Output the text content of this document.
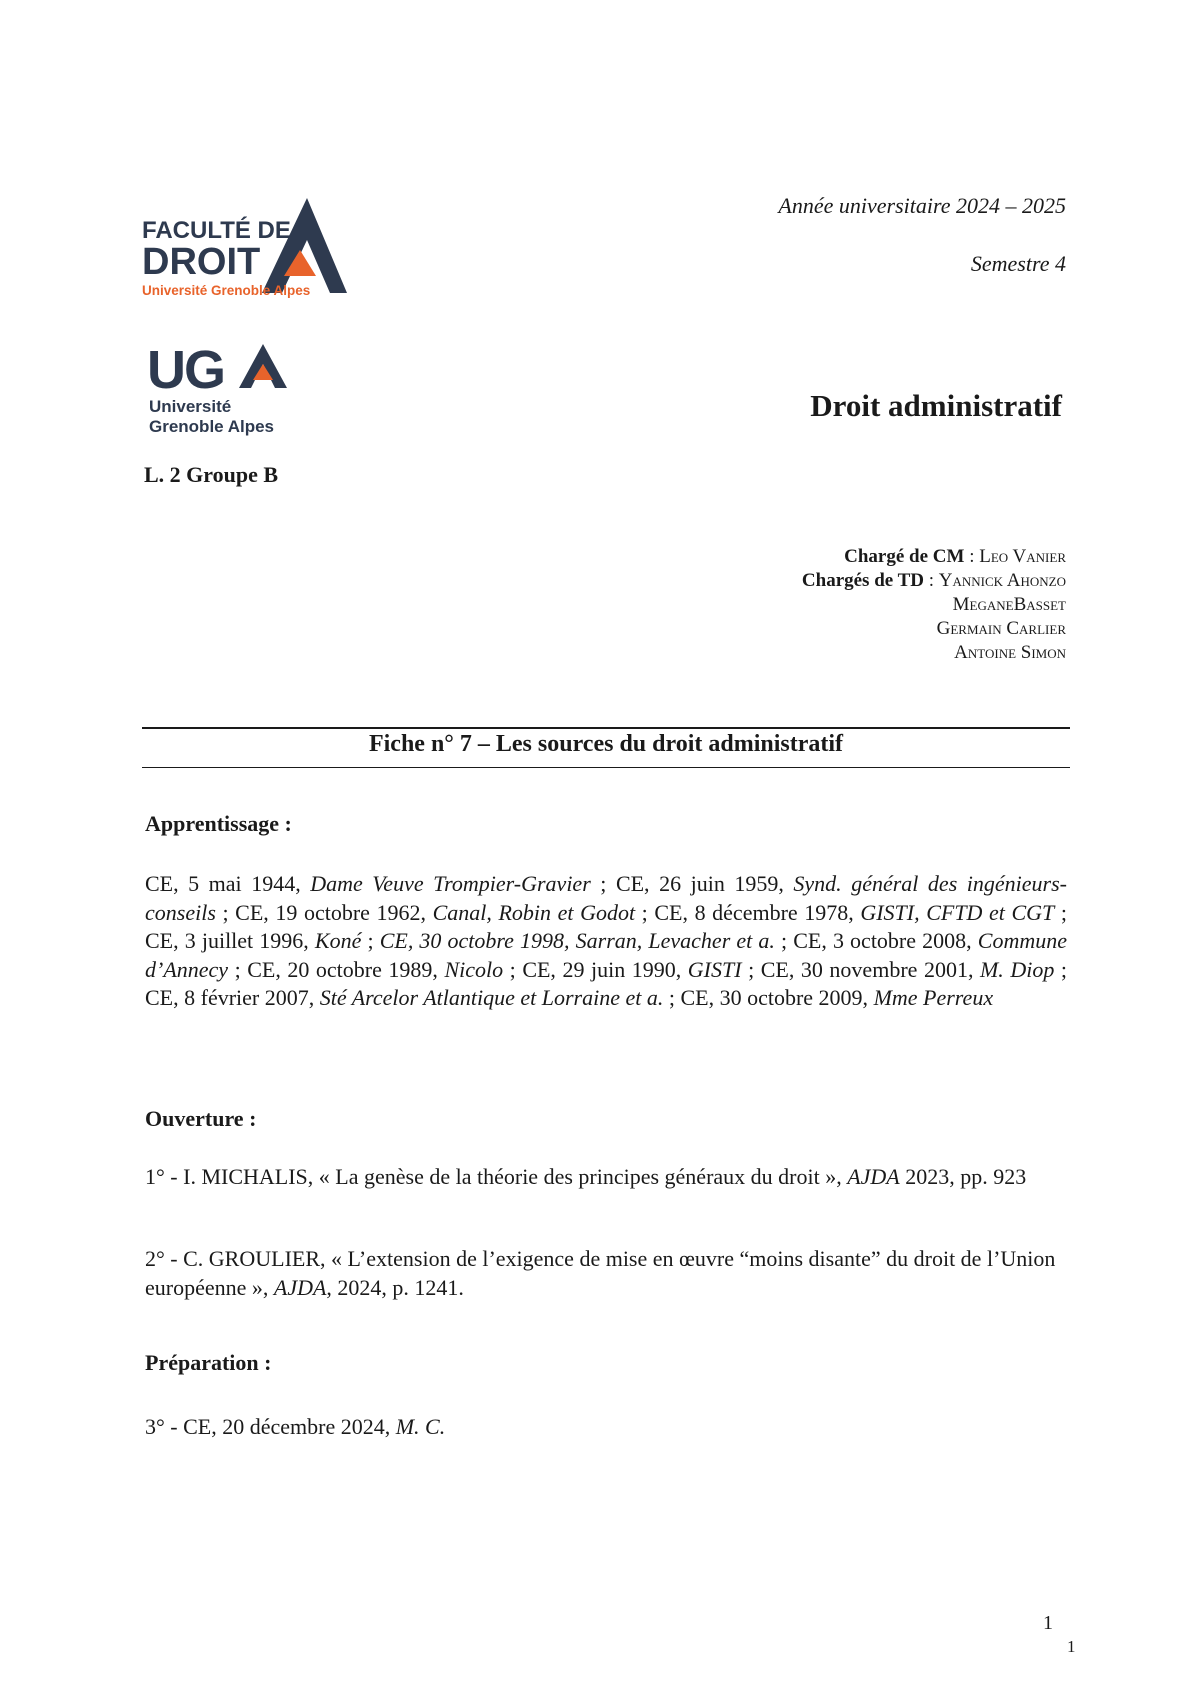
FACULTÉ DE
DROIT
Université Grenoble Alpes
UG
Université
Grenoble Alpes
Année universitaire 2024 – 2025
Semestre 4
Droit administratif
L. 2 Groupe B
Chargé de CM : Leo Vanier
Chargés de TD : Yannick Ahonzo
MeganeBasset
Germain Carlier
Antoine Simon
Fiche n° 7 – Les sources du droit administratif
Apprentissage :
CE, 5 mai 1944, Dame Veuve Trompier-Gravier ; CE, 26 juin 1959, Synd. général des ingénieurs-conseils ; CE, 19 octobre 1962, Canal, Robin et Godot ; CE, 8 décembre 1978, GISTI, CFTD et CGT ; CE, 3 juillet 1996, Koné ; CE, 30 octobre 1998, Sarran, Levacher et a. ; CE, 3 octobre 2008, Commune d’Annecy ; CE, 20 octobre 1989, Nicolo ; CE, 29 juin 1990, GISTI ; CE, 30 novembre 2001, M. Diop ; CE, 8 février 2007, Sté Arcelor Atlantique et Lorraine et a. ; CE, 30 octobre 2009, Mme Perreux
Ouverture :
1° - I. MICHALIS, « La genèse de la théorie des principes généraux du droit », AJDA 2023, pp. 923
2° - C. GROULIER, « L’extension de l’exigence de mise en œuvre “moins disante” du droit de l’Union européenne », AJDA, 2024, p. 1241.
Préparation :
3° - CE, 20 décembre 2024, M. C.
1
1
